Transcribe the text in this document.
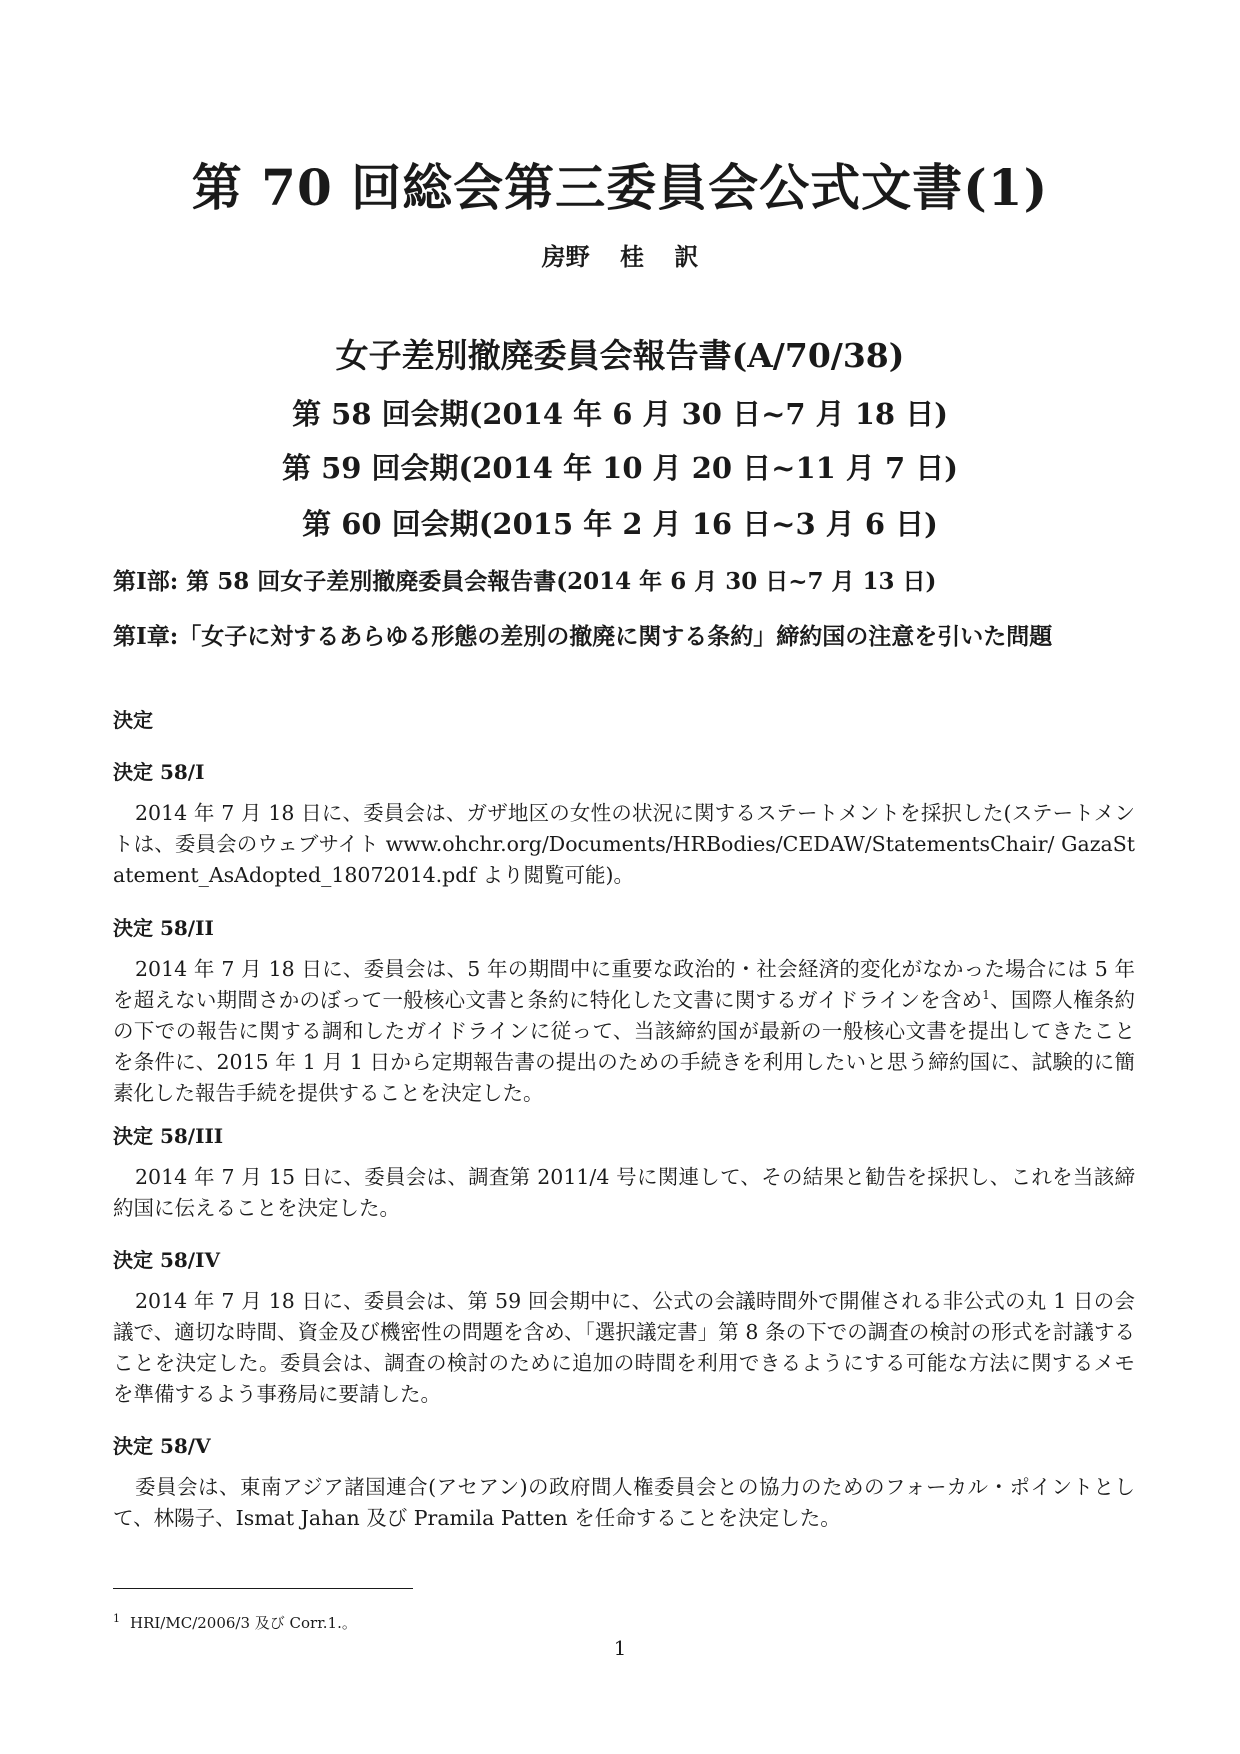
第 70 回総会第三委員会公式文書(1)
房野 桂 訳
女子差別撤廃委員会報告書(A/70/38)
第 58 回会期(2014 年 6 月 30 日~7 月 18 日)
第 59 回会期(2014 年 10 月 20 日~11 月 7 日)
第 60 回会期(2015 年 2 月 16 日~3 月 6 日)
第Ⅰ部: 第 58 回女子差別撤廃委員会報告書(2014 年 6 月 30 日~7 月 13 日)
第Ⅰ章:「女子に対するあらゆる形態の差別の撤廃に関する条約」締約国の注意を引いた問題
決定
決定 58/I
2014 年 7 月 18 日に、委員会は、ガザ地区の女性の状況に関するステートメントを採択した(ステートメントは、委員会のウェブサイト www.ohchr.org/Documents/HRBodies/CEDAW/StatementsChair/ GazaStatement_AsAdopted_18072014.pdf より閲覧可能)。
決定 58/II
2014 年 7 月 18 日に、委員会は、5 年の期間中に重要な政治的・社会経済的変化がなかった場合には 5 年を超えない期間さかのぼって一般核心文書と条約に特化した文書に関するガイドラインを含め$^1$、国際人権条約の下での報告に関する調和したガイドラインに従って、当該締約国が最新の一般核心文書を提出してきたことを条件に、2015 年 1 月 1 日から定期報告書の提出のための手続きを利用したいと思う締約国に、試験的に簡素化した報告手続を提供することを決定した。
決定 58/III
2014 年 7 月 15 日に、委員会は、調査第 2011/4 号に関連して、その結果と勧告を採択し、これを当該締約国に伝えることを決定した。
決定 58/IV
2014 年 7 月 18 日に、委員会は、第 59 回会期中に、公式の会議時間外で開催される非公式の丸 1 日の会議で、適切な時間、資金及び機密性の問題を含め、「選択議定書」第 8 条の下での調査の検討の形式を討議することを決定した。委員会は、調査の検討のために追加の時間を利用できるようにする可能な方法に関するメモを準備するよう事務局に要請した。
決定 58/V
委員会は、東南アジア諸国連合(アセアン)の政府間人権委員会との協力のためのフォーカル・ポイントとして、林陽子、Ismat Jahan 及び Pramila Patten を任命することを決定した。
$^1$ HRI/MC/2006/3 及び Corr.1.。
1
